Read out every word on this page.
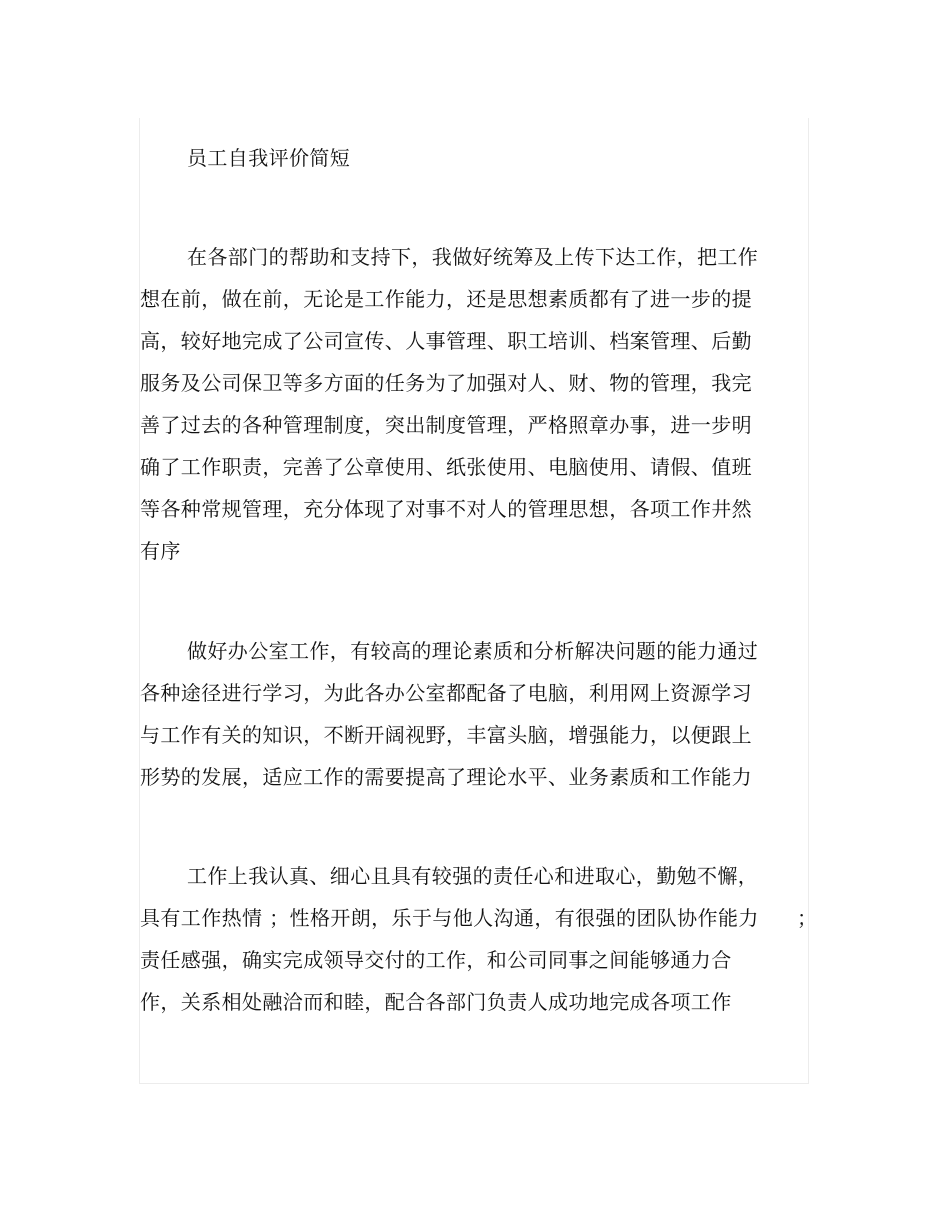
员工自我评价简短

在各部门的帮助和支持下，我做好统筹及上传下达工作，把工作

想在前，做在前，无论是工作能力，还是思想素质都有了进一步的提

高，较好地完成了公司宣传、人事管理、职工培训、档案管理、后勤

服务及公司保卫等多方面的任务为了加强对人、财、物的管理，我完

善了过去的各种管理制度，突出制度管理，严格照章办事，进一步明

确了工作职责，完善了公章使用、纸张使用、电脑使用、请假、值班

等各种常规管理，充分体现了对事不对人的管理思想，各项工作井然

有序

做好办公室工作，有较高的理论素质和分析解决问题的能力通过

各种途径进行学习，为此各办公室都配备了电脑，利用网上资源学习

与工作有关的知识，不断开阔视野，丰富头脑，增强能力，以便跟上

形势的发展，适应工作的需要提高了理论水平、业务素质和工作能力

工作上我认真、细心且具有较强的责任心和进取心，勤勉不懈，

具有工作热情 ；性格开朗，乐于与他人沟通，有很强的团队协作能力 ；

责任感强，确实完成领导交付的工作，和公司同事之间能够通力合

作，关系相处融洽而和睦，配合各部门负责人成功地完成各项工作
